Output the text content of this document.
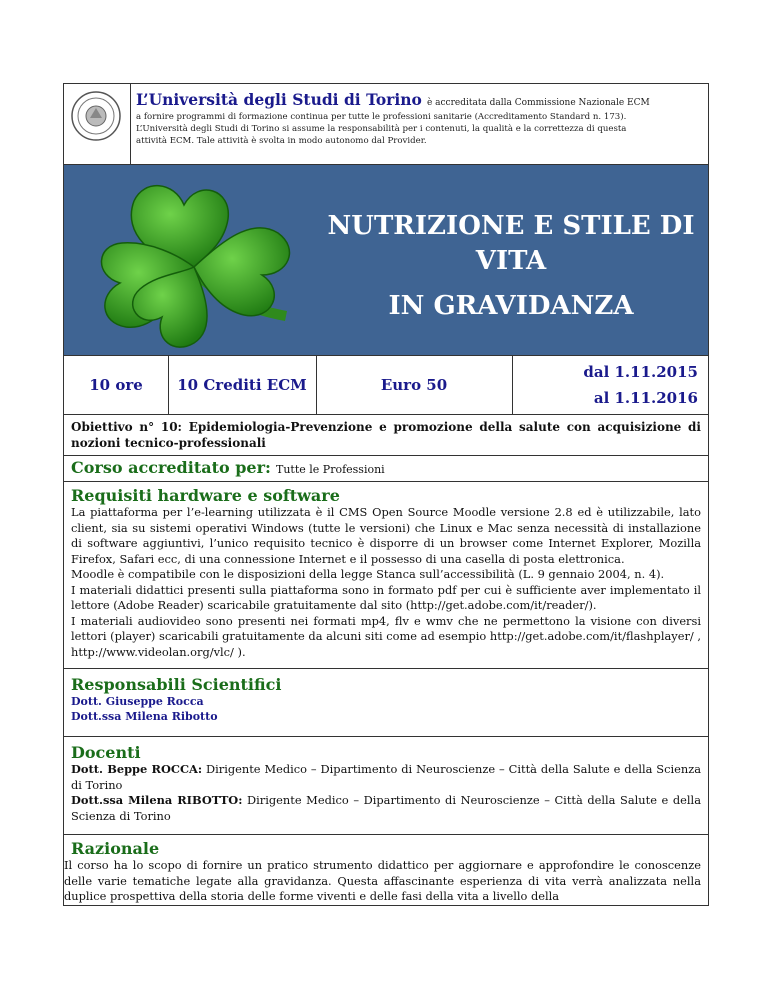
L’Università degli Studi di Torino è accreditata dalla Commissione Nazionale ECM

a fornire programmi di formazione continua per tutte le professioni sanitarie (Accreditamento Standard n. 173).
L’Università degli Studi di Torino si assume la responsabilità per i contenuti, la qualità e la correttezza di questa
attività ECM. Tale attività è svolta in modo autonomo dal Provider.

NUTRIZIONE E STILE DI
VITA
IN GRAVIDANZA
10 ore	10 Crediti ECM	Euro 50
dal 1.11.2015
al 1.11.2016
Obiettivo n° 10: Epidemiologia-Prevenzione e promozione della salute con acquisizione di nozioni tecnico-professionali
Corso accreditato per: Tutte le Professioni

Requisiti hardware e software

La piattaforma per l’e-learning utilizzata è il CMS Open Source Moodle versione 2.8 ed è utilizzabile, lato client, sia su sistemi operativi Windows (tutte le versioni) che Linux e Mac senza necessità di installazione di software aggiuntivi, l’unico requisito tecnico è disporre di un browser come Internet Explorer, Mozilla Firefox, Safari ecc, di una connessione Internet e il possesso di una casella di posta elettronica.

Moodle è compatibile con le disposizioni della legge Stanca sull’accessibilità (L. 9 gennaio 2004, n. 4).

I materiali didattici presenti sulla piattaforma sono in formato pdf per cui è sufficiente aver implementato il lettore (Adobe Reader) scaricabile gratuitamente dal sito (http://get.adobe.com/it/reader/).

I materiali audiovideo sono presenti nei formati mp4, flv e wmv che ne permettono la visione con diversi lettori (player) scaricabili gratuitamente da alcuni siti come ad esempio http://get.adobe.com/it/flashplayer/ , http://www.videolan.org/vlc/ ).

Responsabili Scientifici

Dott. Giuseppe Rocca
Dott.ssa Milena Ribotto

Docenti

Dott. Beppe ROCCA: Dirigente Medico – Dipartimento di Neuroscienze – Città della Salute e della Scienza di Torino

Dott.ssa Milena RIBOTTO: Dirigente Medico – Dipartimento di Neuroscienze – Città della Salute e della Scienza di Torino

Razionale

Il corso ha lo scopo di fornire un pratico strumento didattico per aggiornare e approfondire le conoscenze delle varie tematiche legate alla gravidanza. Questa affascinante esperienza di vita verrà analizzata nella duplice prospettiva della storia delle forme viventi e delle fasi della vita a livello della
